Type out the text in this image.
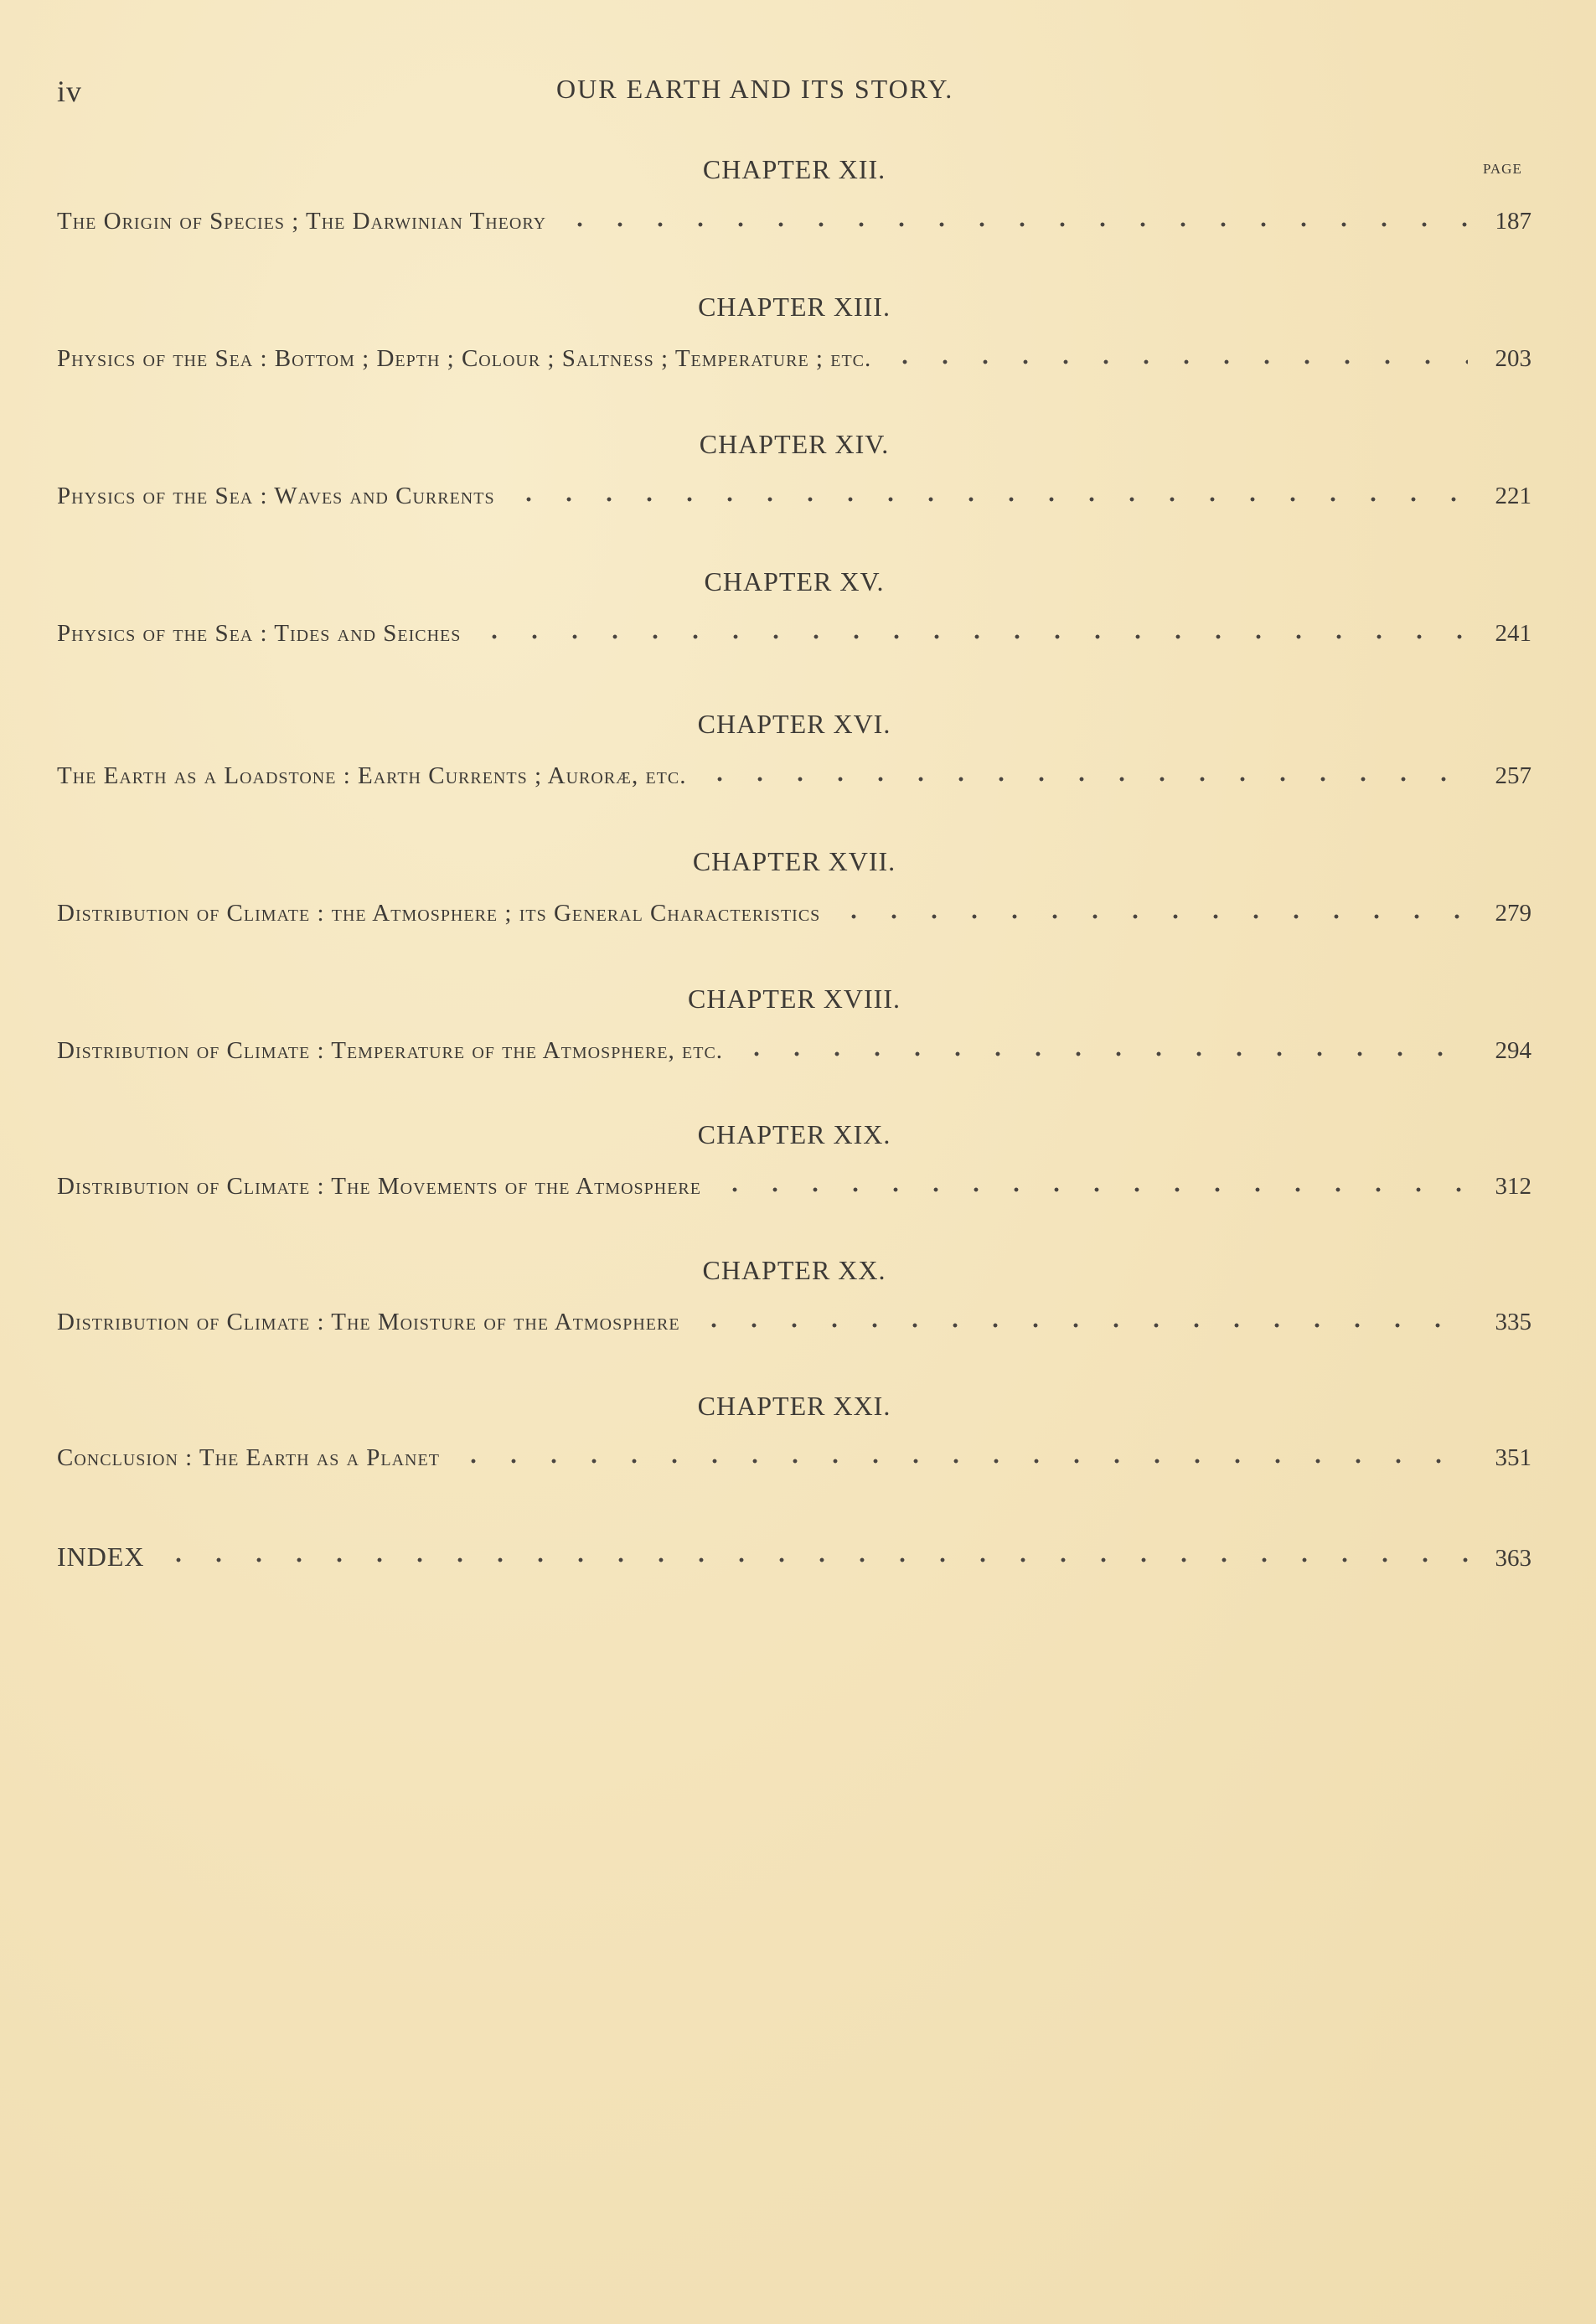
iv	OUR EARTH AND ITS STORY.
PAGE
CHAPTER XII.
The Origin of Species ; The Darwinian Theory	187
CHAPTER XIII.
Physics of the Sea : Bottom ; Depth ; Colour ; Saltness ; Temperature ; etc.	203
CHAPTER XIV.
Physics of the Sea : Waves and Currents	221
CHAPTER XV.
Physics of the Sea : Tides and Seiches	241
CHAPTER XVI.
The Earth as a Loadstone : Earth Currents ; Auroræ, etc.	257
CHAPTER XVII.
Distribution of Climate : the Atmosphere ; its General Characteristics	279
CHAPTER XVIII.
Distribution of Climate : Temperature of the Atmosphere, etc.	294
CHAPTER XIX.
Distribution of Climate : The Movements of the Atmosphere	312
CHAPTER XX.
Distribution of Climate : The Moisture of the Atmosphere	335
CHAPTER XXI.
Conclusion : The Earth as a Planet	351
INDEX	363
